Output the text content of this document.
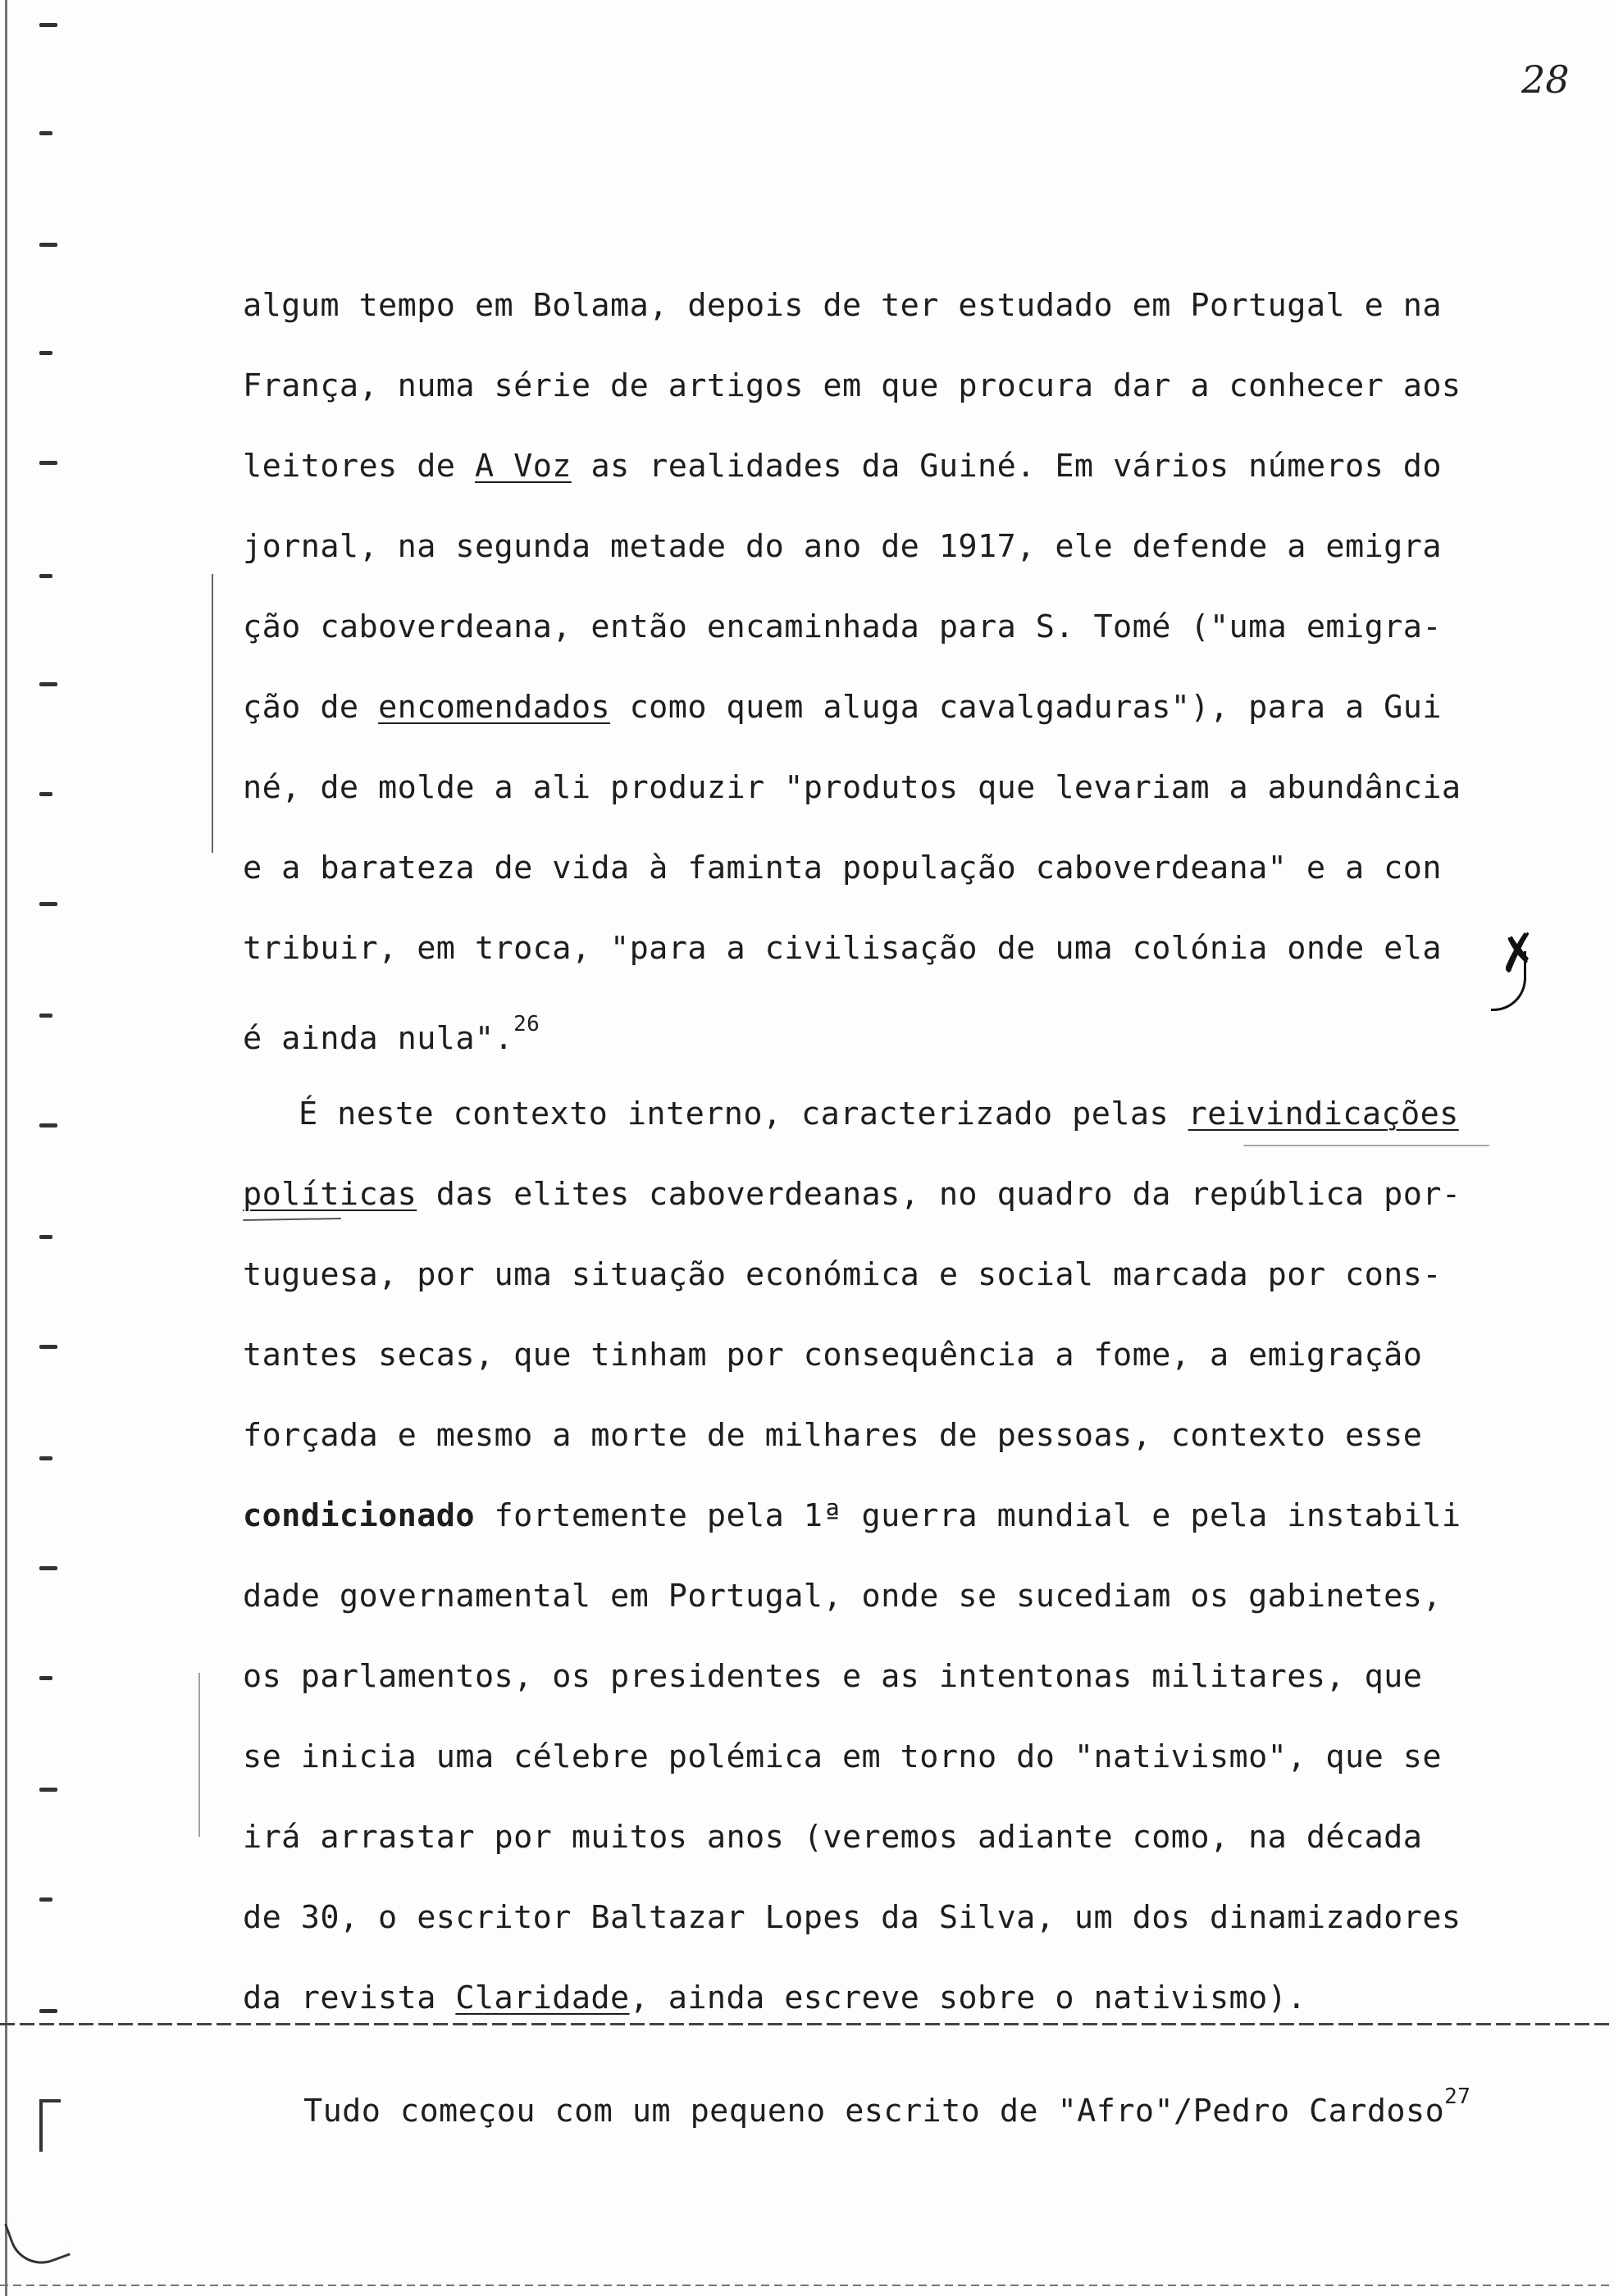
28
algum tempo em Bolama, depois de ter estudado em Portugal e na
França, numa série de artigos em que procura dar a conhecer aos
leitores de A Voz as realidades da Guiné. Em vários números do
jornal, na segunda metade do ano de 1917, ele defende a emigra
ção caboverdeana, então encaminhada para S. Tomé ("uma emigra-
ção de encomendados como quem aluga cavalgaduras"), para a Gui
né, de molde a ali produzir "produtos que levariam a abundância
e a barateza de vida à faminta população caboverdeana" e a con
tribuir, em troca, "para a civilisação de uma colónia onde ela
é ainda nula".$^{26}$
É neste contexto interno, caracterizado pelas reivindicações
políticas das elites caboverdeanas, no quadro da república por-
tuguesa, por uma situação económica e social marcada por cons-
tantes secas, que tinham por consequência a fome, a emigração
forçada e mesmo a morte de milhares de pessoas, contexto esse
condicionado fortemente pela 1ª guerra mundial e pela instabili
dade governamental em Portugal, onde se sucediam os gabinetes,
os parlamentos, os presidentes e as intentonas militares, que
se inicia uma célebre polémica em torno do "nativismo", que se
irá arrastar por muitos anos (veremos adiante como, na década
de 30, o escritor Baltazar Lopes da Silva, um dos dinamizadores
da revista Claridade, ainda escreve sobre o nativismo).
Tudo começou com um pequeno escrito de "Afro"/Pedro Cardoso$^{27}$
✗
